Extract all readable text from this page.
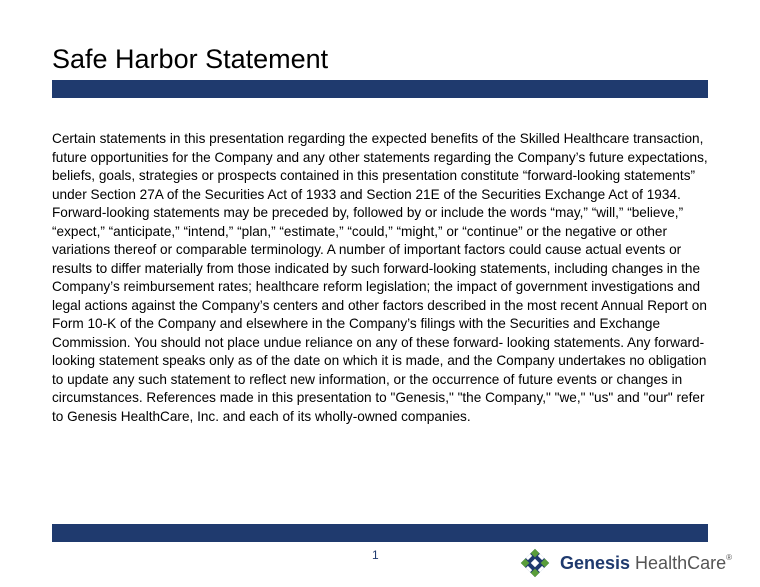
Safe Harbor Statement
Certain statements in this presentation regarding the expected benefits of the Skilled Healthcare transaction, future opportunities for the Company and any other statements regarding the Company’s future expectations, beliefs, goals, strategies or prospects contained in this presentation constitute “forward-looking statements” under Section 27A of the Securities Act of 1933 and Section 21E of the Securities Exchange Act of 1934. Forward-looking statements may be preceded by, followed by or include the words “may,” “will,” “believe,” “expect,” “anticipate,” “intend,” “plan,” “estimate,” “could,” “might,” or “continue” or the negative or other variations thereof or comparable terminology. A number of important factors could cause actual events or results to differ materially from those indicated by such forward-looking statements, including changes in the Company’s reimbursement rates; healthcare reform legislation; the impact of government investigations and legal actions against the Company’s centers and other factors described in the most recent Annual Report on Form 10-K of the Company and elsewhere in the Company’s filings with the Securities and Exchange Commission. You should not place undue reliance on any of these forward- looking statements. Any forward-looking statement speaks only as of the date on which it is made, and the Company undertakes no obligation to update any such statement to reflect new information, or the occurrence of future events or changes in circumstances. References made in this presentation to "Genesis," "the Company," "we," "us" and "our" refer to Genesis HealthCare, Inc. and each of its wholly-owned companies.
1	Genesis HealthCare®
